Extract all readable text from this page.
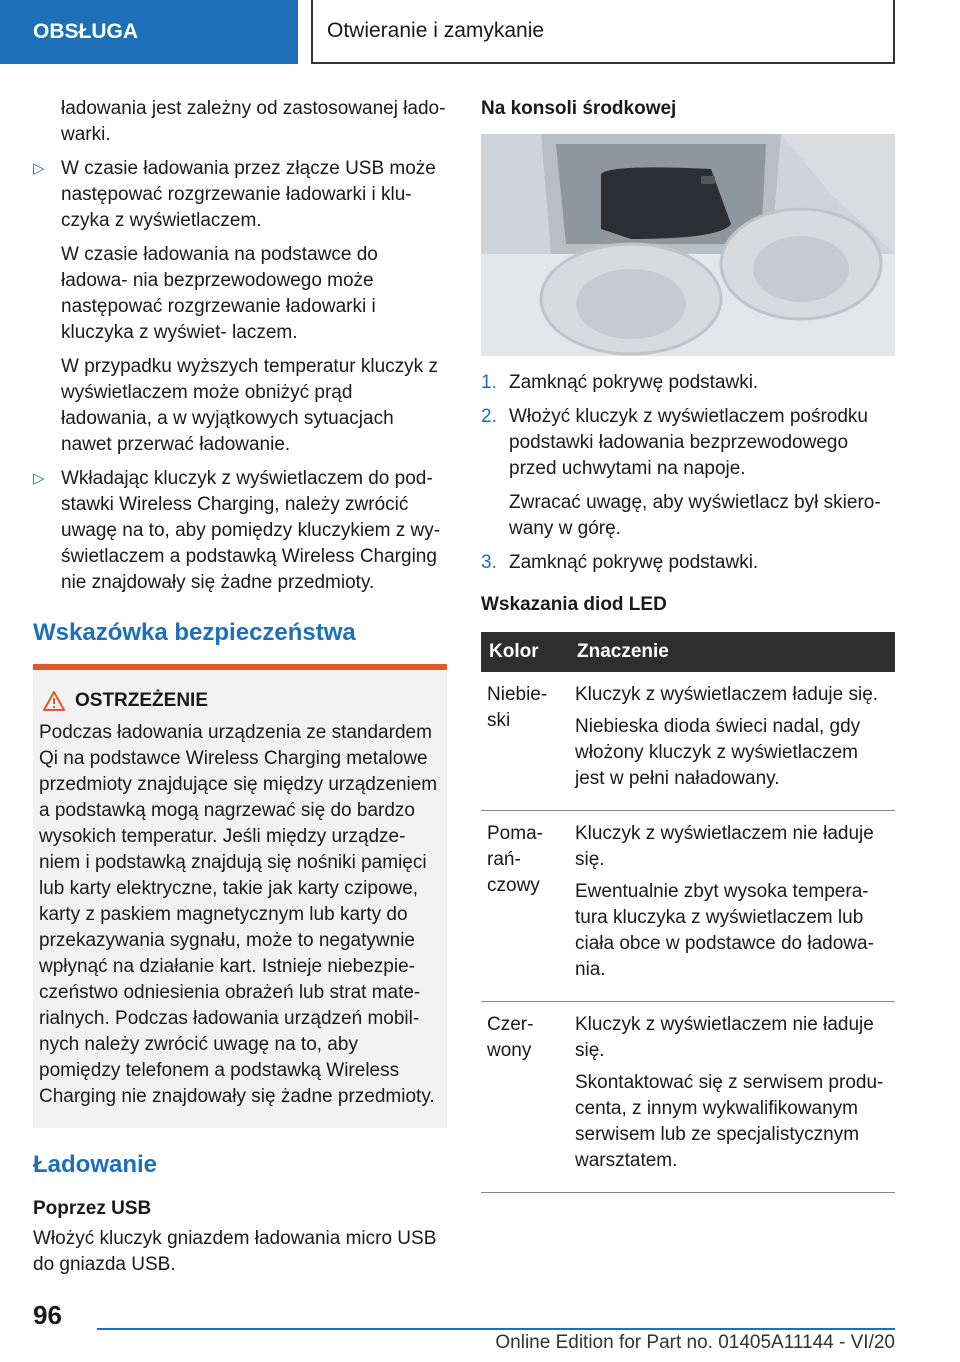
OBSŁUGA	Otwieranie i zamykanie

ładowania jest zależny od zastosowanej łado- warki.

▷ W czasie ładowania przez złącze USB może następować rozgrzewanie ładowarki i klu- czyka z wyświetlaczem.

W czasie ładowania na podstawce do ładowa- nia bezprzewodowego może następować rozgrzewanie ładowarki i kluczyka z wyświet- laczem.

W przypadku wyższych temperatur kluczyk z wyświetlaczem może obniżyć prąd ładowania, a w wyjątkowych sytuacjach nawet przerwać ładowanie.

▷ Wkładając kluczyk z wyświetlaczem do pod- stawki Wireless Charging, należy zwrócić uwagę na to, aby pomiędzy kluczykiem z wy- świetlaczem a podstawką Wireless Charging nie znajdowały się żadne przedmioty.

Wskazówka bezpieczeństwa
OSTRZEŻENIE
Podczas ładowania urządzenia ze standardem Qi na podstawce Wireless Charging metalowe przedmioty znajdujące się między urządzeniem a podstawką mogą nagrzewać się do bardzo wysokich temperatur. Jeśli między urządze- niem i podstawką znajdują się nośniki pamięci lub karty elektryczne, takie jak karty czipowe, karty z paskiem magnetycznym lub karty do przekazywania sygnału, może to negatywnie wpłynąć na działanie kart. Istnieje niebezpie- czeństwo odniesienia obrażeń lub strat mate- rialnych. Podczas ładowania urządzeń mobil- nych należy zwrócić uwagę na to, aby pomiędzy telefonem a podstawką Wireless Charging nie znajdowały się żadne przedmioty.
Ładowanie
Poprzez USB

Włożyć kluczyk gniazdem ładowania micro USB do gniazda USB.

Na konsoli środkowej
1. Zamknąć pokrywę podstawki.

2. Włożyć kluczyk z wyświetlaczem pośrodku podstawki ładowania bezprzewodowego przed uchwytami na napoje.

Zwracać uwagę, aby wyświetlacz był skiero- wany w górę.

3. Zamknąć pokrywę podstawki.

Wskazania diod LED
Kolor	Znaczenie
Niebie- ski	Kluczyk z wyświetlaczem ładuje się.

Niebieska dioda świeci nadal, gdy włożony kluczyk z wyświetlaczem jest w pełni naładowany.

Poma- rań- czowy	Kluczyk z wyświetlaczem nie ładuje się.

Ewentualnie zbyt wysoka tempera- tura kluczyka z wyświetlaczem lub ciała obce w podstawce do ładowa- nia.

Czer- wony	Kluczyk z wyświetlaczem nie ładuje się.

Skontaktować się z serwisem produ- centa, z innym wykwalifikowanym serwisem lub ze specjalistycznym warsztatem.

96
Online Edition for Part no. 01405A11144 - VI/20
